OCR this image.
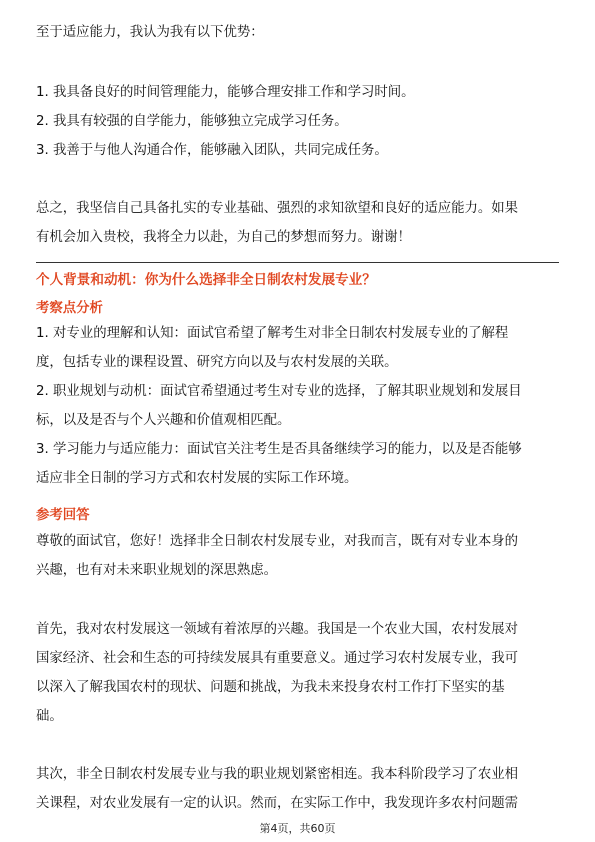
至于适应能力，我认为我有以下优势：
1. 我具备良好的时间管理能力，能够合理安排工作和学习时间。
2. 我具有较强的自学能力，能够独立完成学习任务。
3. 我善于与他人沟通合作，能够融入团队，共同完成任务。
总之，我坚信自己具备扎实的专业基础、强烈的求知欲望和良好的适应能力。如果
有机会加入贵校，我将全力以赴，为自己的梦想而努力。谢谢！
个人背景和动机：你为什么选择非全日制农村发展专业？
考察点分析
1. 对专业的理解和认知：面试官希望了解考生对非全日制农村发展专业的了解程
度，包括专业的课程设置、研究方向以及与农村发展的关联。
2. 职业规划与动机：面试官希望通过考生对专业的选择，了解其职业规划和发展目
标，以及是否与个人兴趣和价值观相匹配。
3. 学习能力与适应能力：面试官关注考生是否具备继续学习的能力，以及是否能够
适应非全日制的学习方式和农村发展的实际工作环境。
参考回答
尊敬的面试官，您好！选择非全日制农村发展专业，对我而言，既有对专业本身的
兴趣，也有对未来职业规划的深思熟虑。
首先，我对农村发展这一领域有着浓厚的兴趣。我国是一个农业大国，农村发展对
国家经济、社会和生态的可持续发展具有重要意义。通过学习农村发展专业，我可
以深入了解我国农村的现状、问题和挑战，为我未来投身农村工作打下坚实的基
础。
其次，非全日制农村发展专业与我的职业规划紧密相连。我本科阶段学习了农业相
关课程，对农业发展有一定的认识。然而，在实际工作中，我发现许多农村问题需
第4页，共60页
